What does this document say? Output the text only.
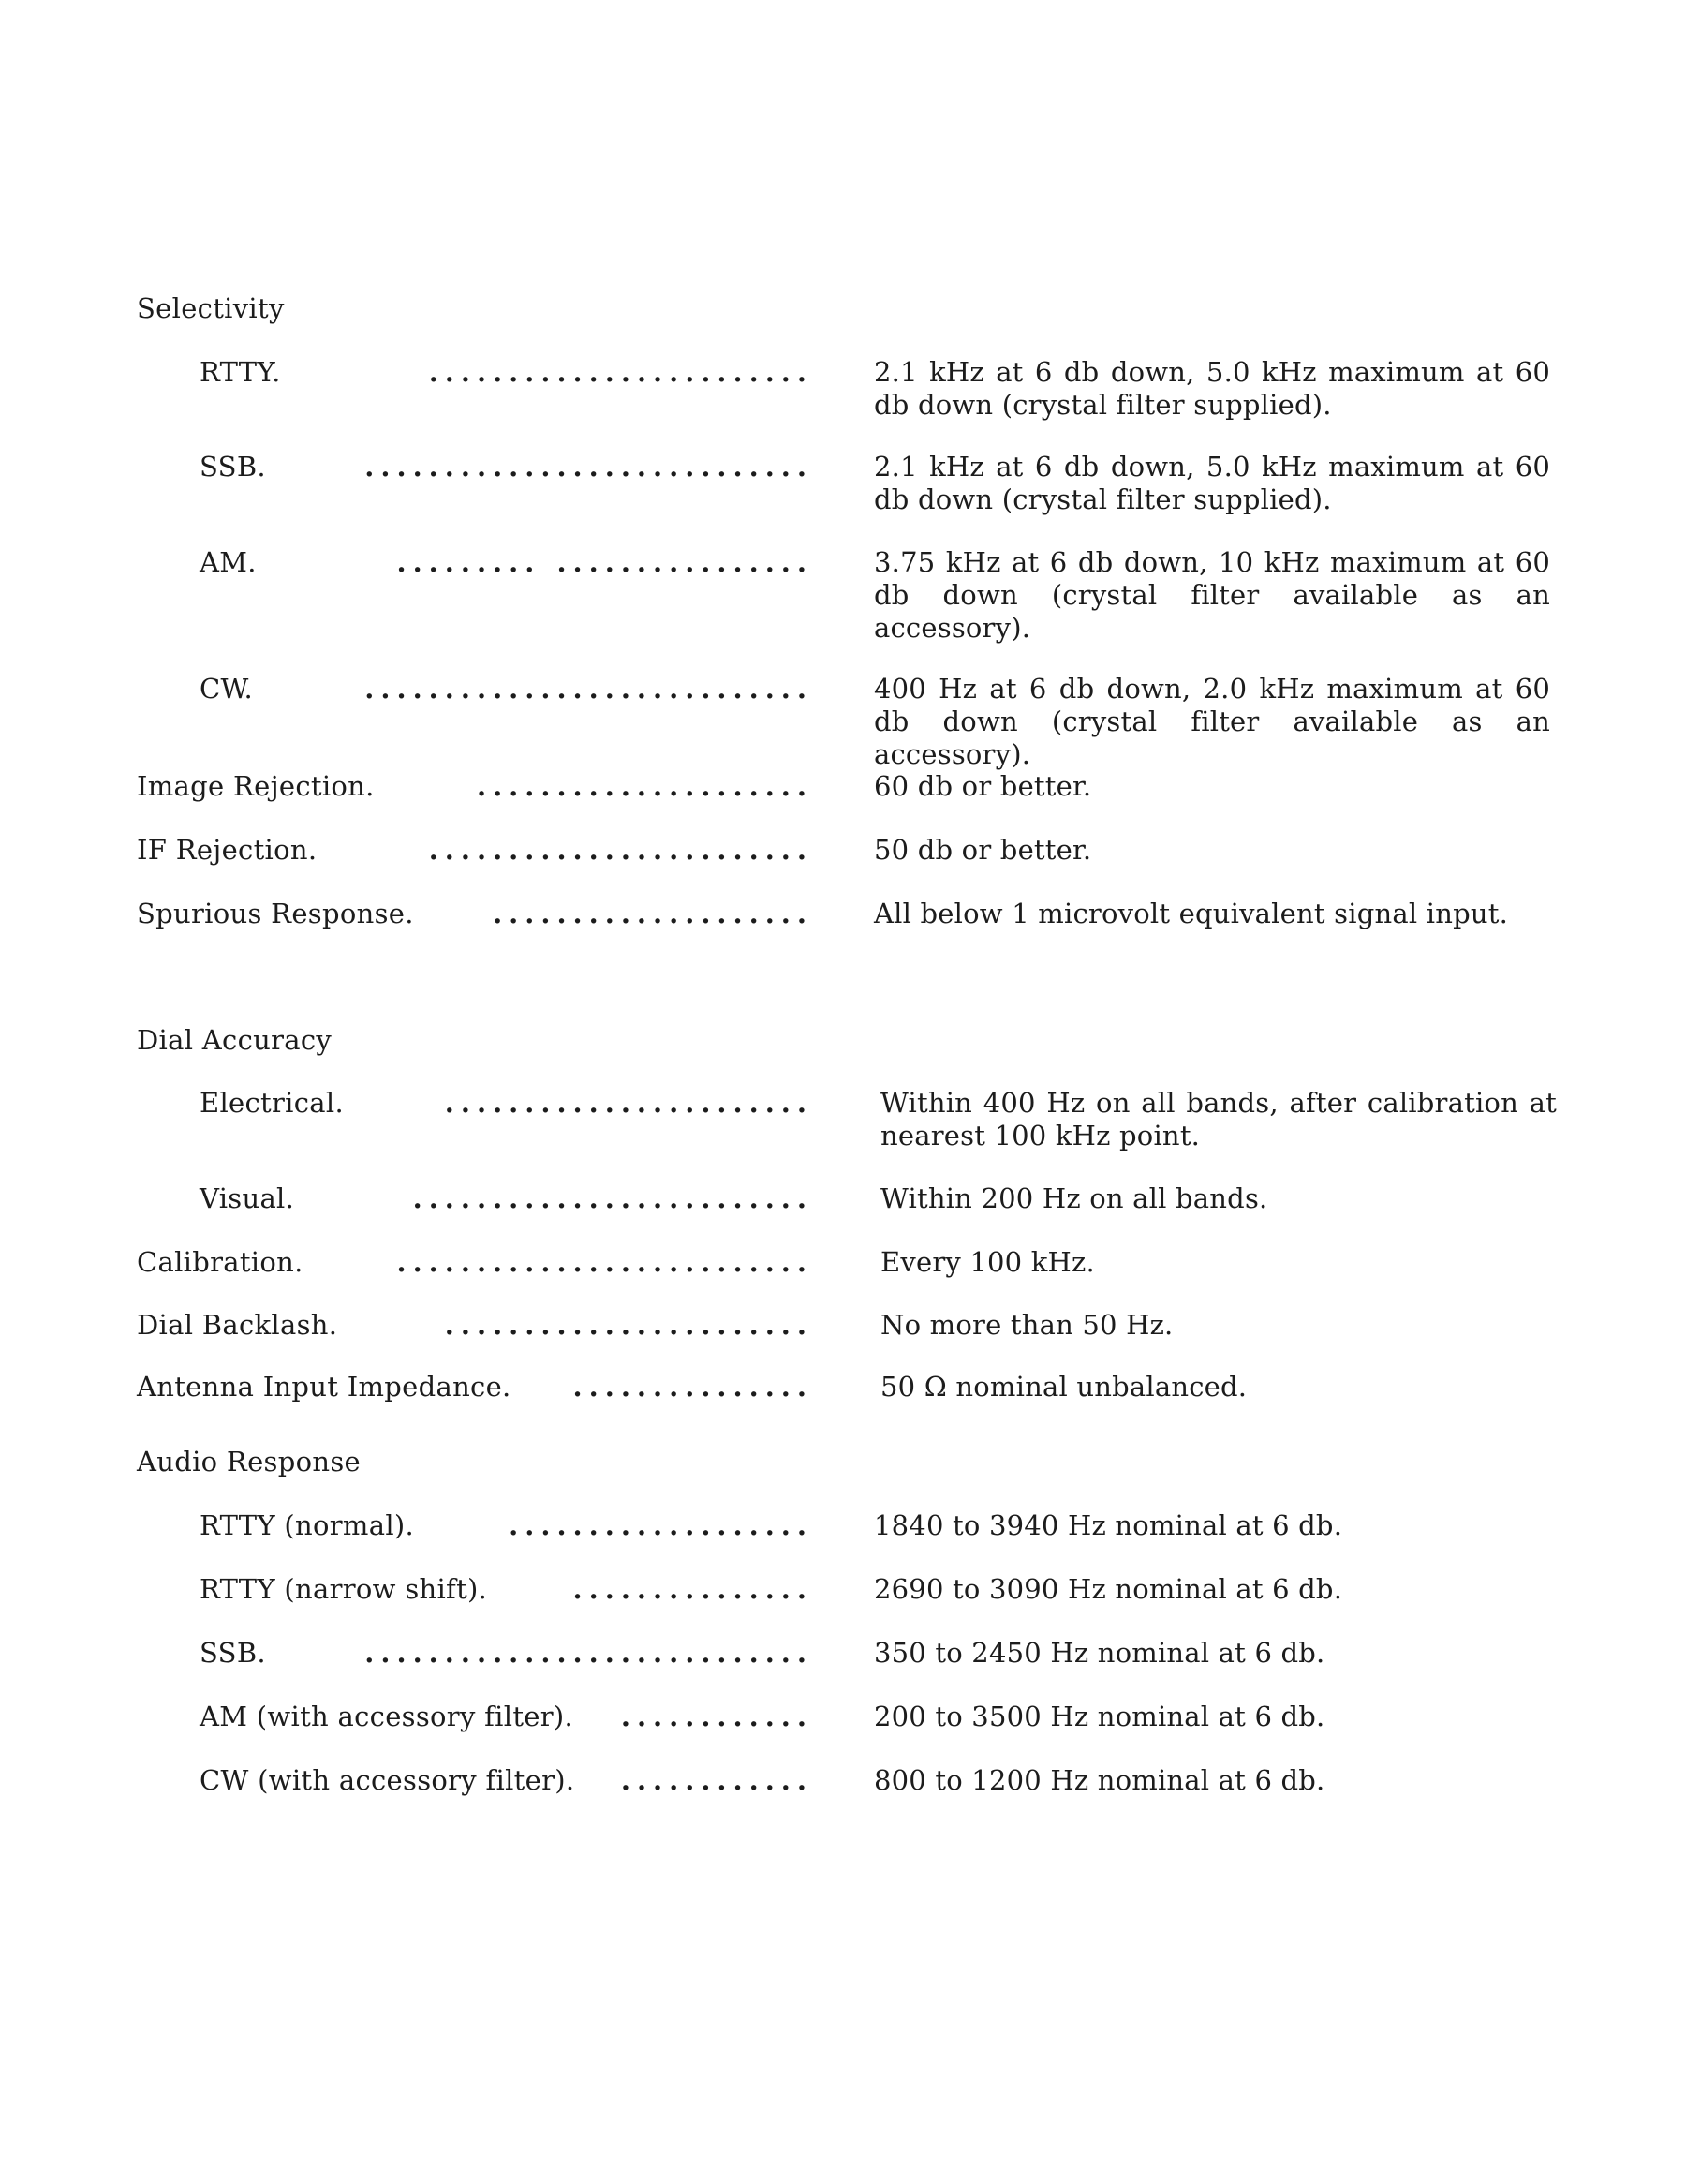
Selectivity
RTTY.	........................ 2.1 kHz at 6 db down, 5.0 kHz maximum at 60 db down (crystal filter supplied).
SSB.	............................ 2.1 kHz at 6 db down, 5.0 kHz maximum at 60 db down (crystal filter supplied).
AM.	......... ................ 3.75 kHz at 6 db down, 10 kHz maximum at 60 db down (crystal filter available as an accessory).
CW.	............................ 400 Hz at 6 db down, 2.0 kHz maximum at 60 db down (crystal filter available as an accessory).
Image Rejection.	..................... 60 db or better.
IF Rejection.	........................ 50 db or better.
Spurious Response.	.................... All below 1 microvolt equivalent signal input.
Dial Accuracy
Electrical.	....................... Within 400 Hz on all bands, after calibration at nearest 100 kHz point.
Visual.	......................... Within 200 Hz on all bands.
Calibration.	.......................... Every 100 kHz.
Dial Backlash.	....................... No more than 50 Hz.
Antenna Input Impedance.	............... 50 Ω nominal unbalanced.
Audio Response
RTTY (normal).	................... 1840 to 3940 Hz nominal at 6 db.
RTTY (narrow shift).	............... 2690 to 3090 Hz nominal at 6 db.
SSB.	............................ 350 to 2450 Hz nominal at 6 db.
AM (with accessory filter).	............ 200 to 3500 Hz nominal at 6 db.
CW (with accessory filter).	............ 800 to 1200 Hz nominal at 6 db.
